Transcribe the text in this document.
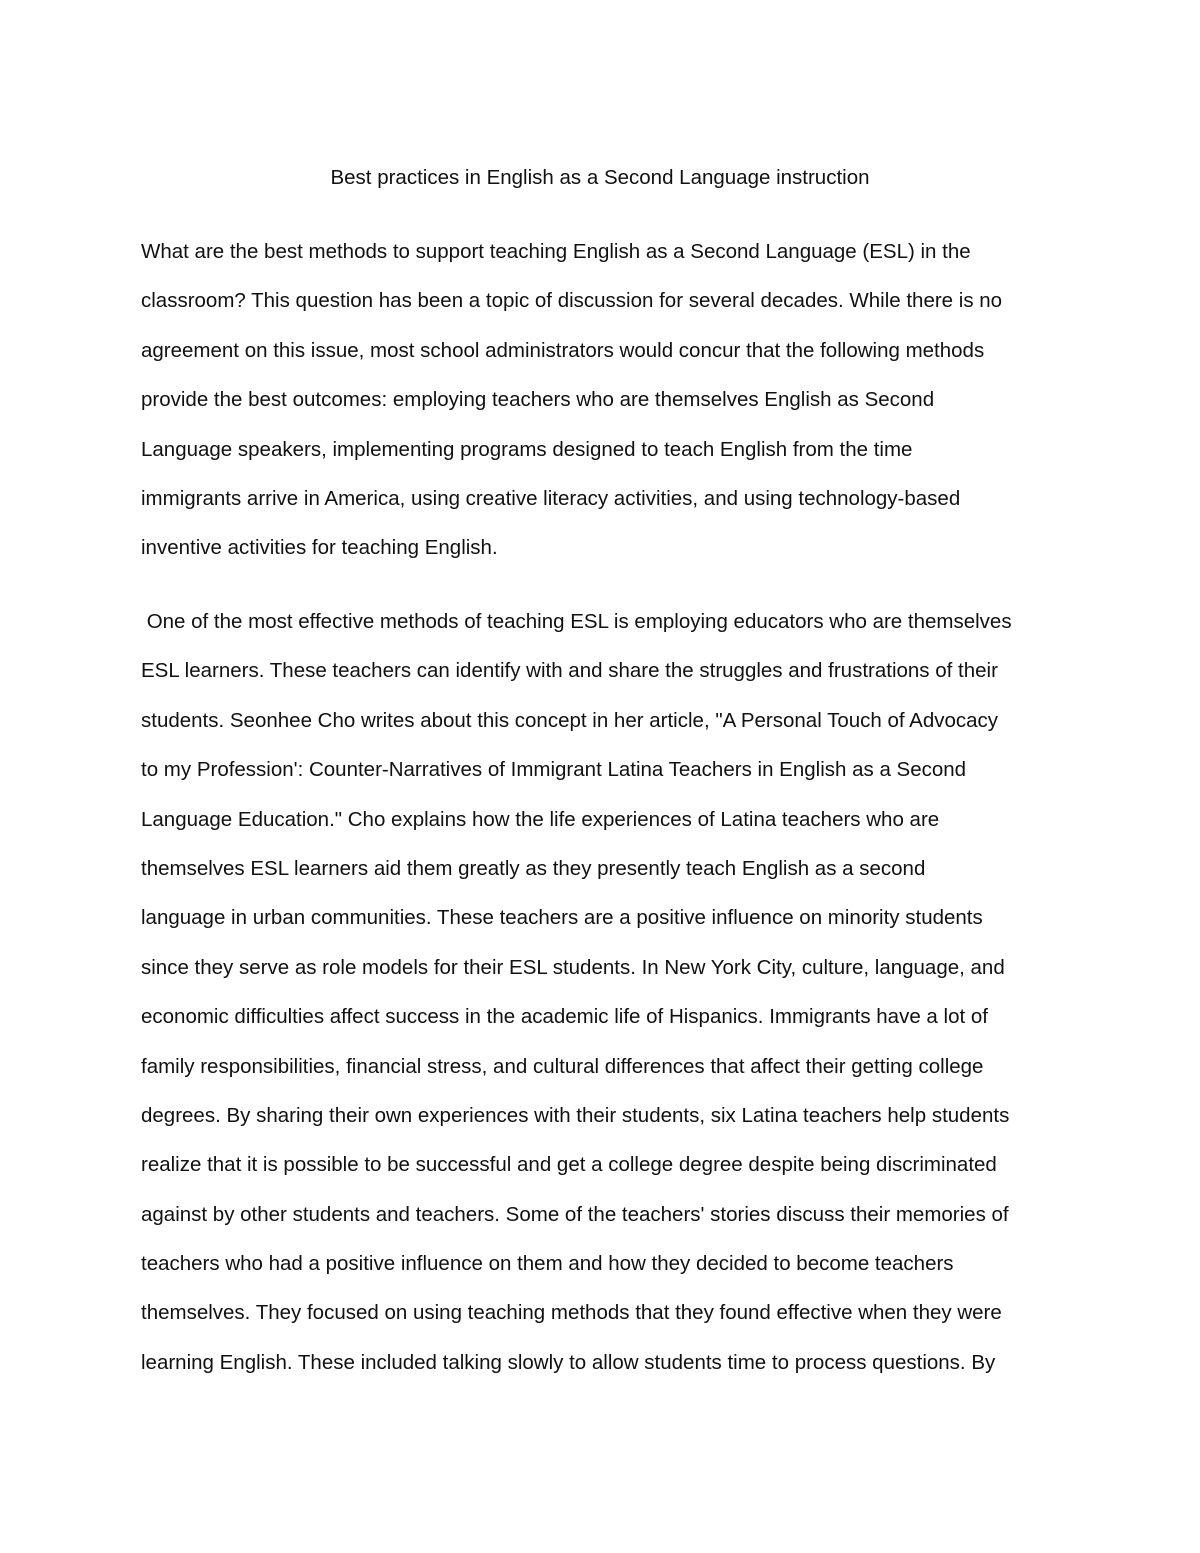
Best practices in English as a Second Language instruction
What are the best methods to support teaching English as a Second Language (ESL) in the
classroom? This question has been a topic of discussion for several decades. While there is no
agreement on this issue, most school administrators would concur that the following methods
provide the best outcomes: employing teachers who are themselves English as Second
Language speakers, implementing programs designed to teach English from the time
immigrants arrive in America, using creative literacy activities, and using technology-based
inventive activities for teaching English.
One of the most effective methods of teaching ESL is employing educators who are themselves
ESL learners. These teachers can identify with and share the struggles and frustrations of their
students. Seonhee Cho writes about this concept in her article, "A Personal Touch of Advocacy
to my Profession': Counter-Narratives of Immigrant Latina Teachers in English as a Second
Language Education." Cho explains how the life experiences of Latina teachers who are
themselves ESL learners aid them greatly as they presently teach English as a second
language in urban communities. These teachers are a positive influence on minority students
since they serve as role models for their ESL students. In New York City, culture, language, and
economic difficulties affect success in the academic life of Hispanics. Immigrants have a lot of
family responsibilities, financial stress, and cultural differences that affect their getting college
degrees. By sharing their own experiences with their students, six Latina teachers help students
realize that it is possible to be successful and get a college degree despite being discriminated
against by other students and teachers. Some of the teachers' stories discuss their memories of
teachers who had a positive influence on them and how they decided to become teachers
themselves. They focused on using teaching methods that they found effective when they were
learning English. These included talking slowly to allow students time to process questions. By
